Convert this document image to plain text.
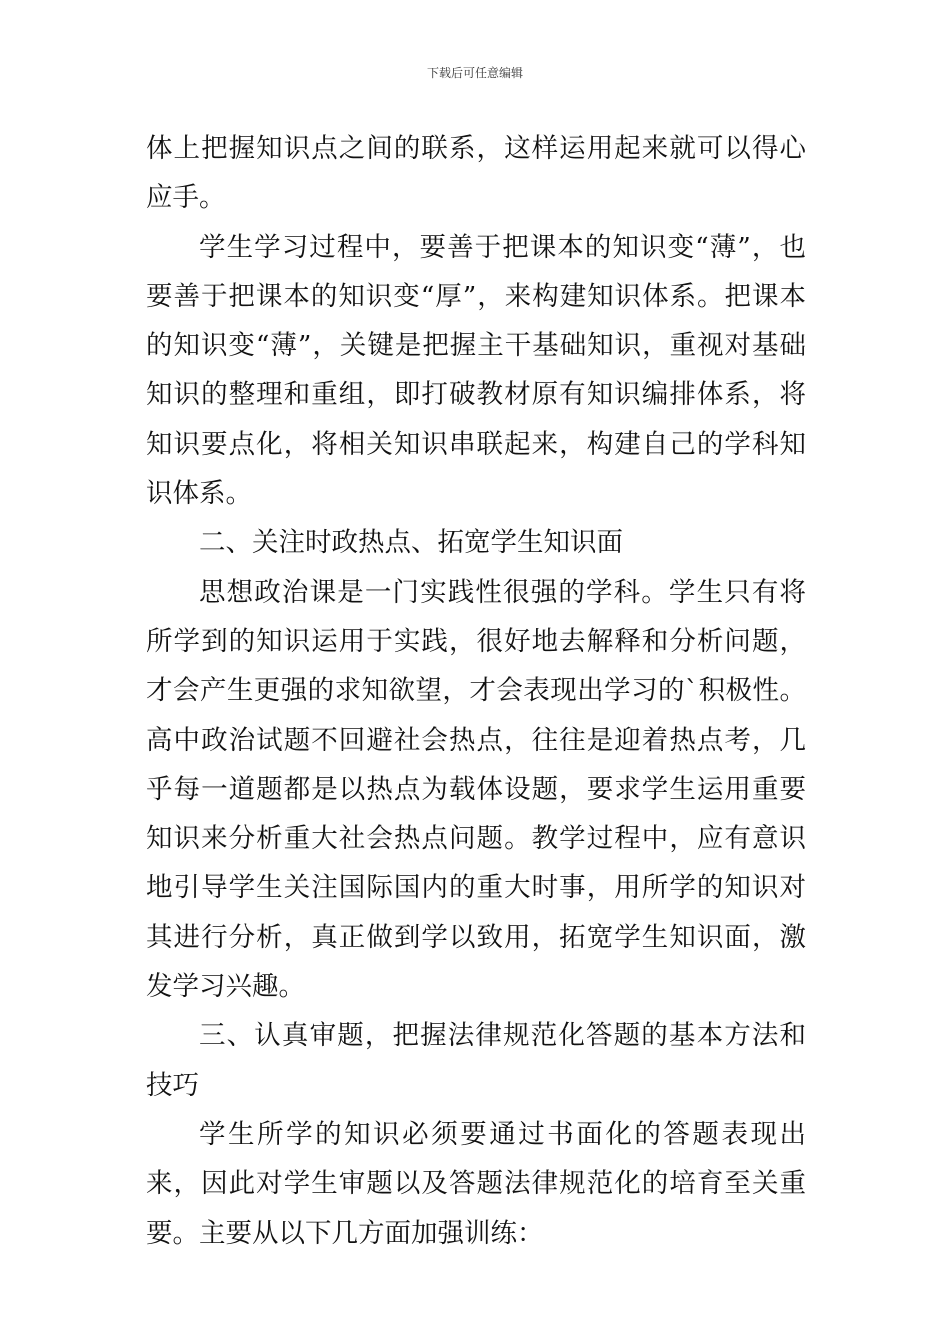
下载后可任意编辑

体上把握知识点之间的联系，这样运用起来就可以得心应手。

学生学习过程中，要善于把课本的知识变“薄”，也要善于把课本的知识变“厚”，来构建知识体系。把课本的知识变“薄”，关键是把握主干基础知识，重视对基础知识的整理和重组，即打破教材原有知识编排体系，将知识要点化，将相关知识串联起来，构建自己的学科知识体系。

二、关注时政热点、拓宽学生知识面

思想政治课是一门实践性很强的学科。学生只有将所学到的知识运用于实践，很好地去解释和分析问题，才会产生更强的求知欲望，才会表现出学习的`积极性。高中政治试题不回避社会热点，往往是迎着热点考，几乎每一道题都是以热点为载体设题，要求学生运用重要知识来分析重大社会热点问题。教学过程中，应有意识地引导学生关注国际国内的重大时事，用所学的知识对其进行分析，真正做到学以致用，拓宽学生知识面，激发学习兴趣。

三、认真审题，把握法律规范化答题的基本方法和技巧

学生所学的知识必须要通过书面化的答题表现出来，因此对学生审题以及答题法律规范化的培育至关重要。主要从以下几方面加强训练：
